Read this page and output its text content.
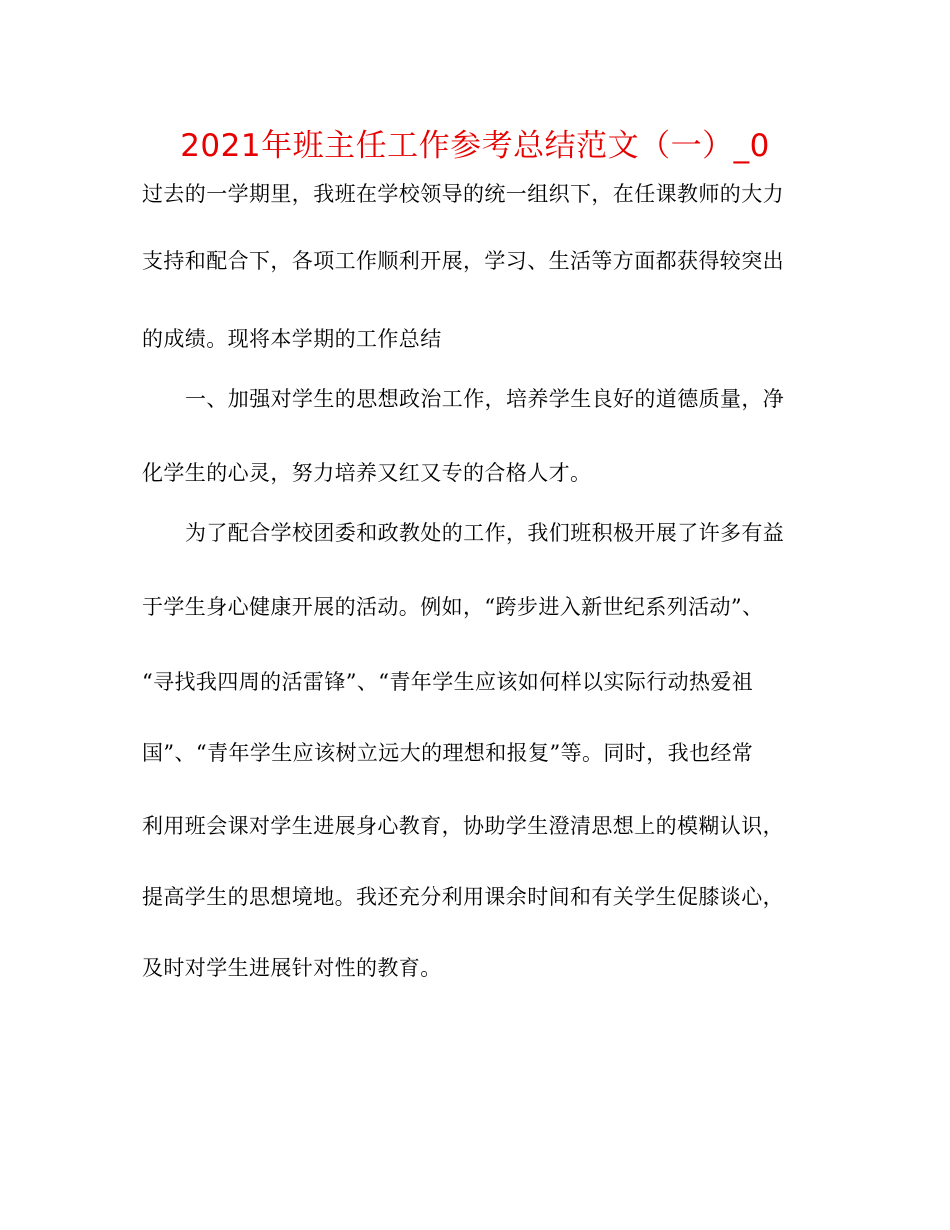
2021年班主任工作参考总结范文（一）_0
过去的一学期里，我班在学校领导的统一组织下，在任课教师的大力
支持和配合下，各项工作顺利开展，学习、生活等方面都获得较突出
的成绩。现将本学期的工作总结
一、加强对学生的思想政治工作，培养学生良好的道德质量，净
化学生的心灵，努力培养又红又专的合格人才。
为了配合学校团委和政教处的工作，我们班积极开展了许多有益
于学生身心健康开展的活动。例如，“跨步进入新世纪系列活动”、
“寻找我四周的活雷锋”、“青年学生应该如何样以实际行动热爱祖
国”、“青年学生应该树立远大的理想和报复”等。同时，我也经常
利用班会课对学生进展身心教育，协助学生澄清思想上的模糊认识，
提高学生的思想境地。我还充分利用课余时间和有关学生促膝谈心，
及时对学生进展针对性的教育。
